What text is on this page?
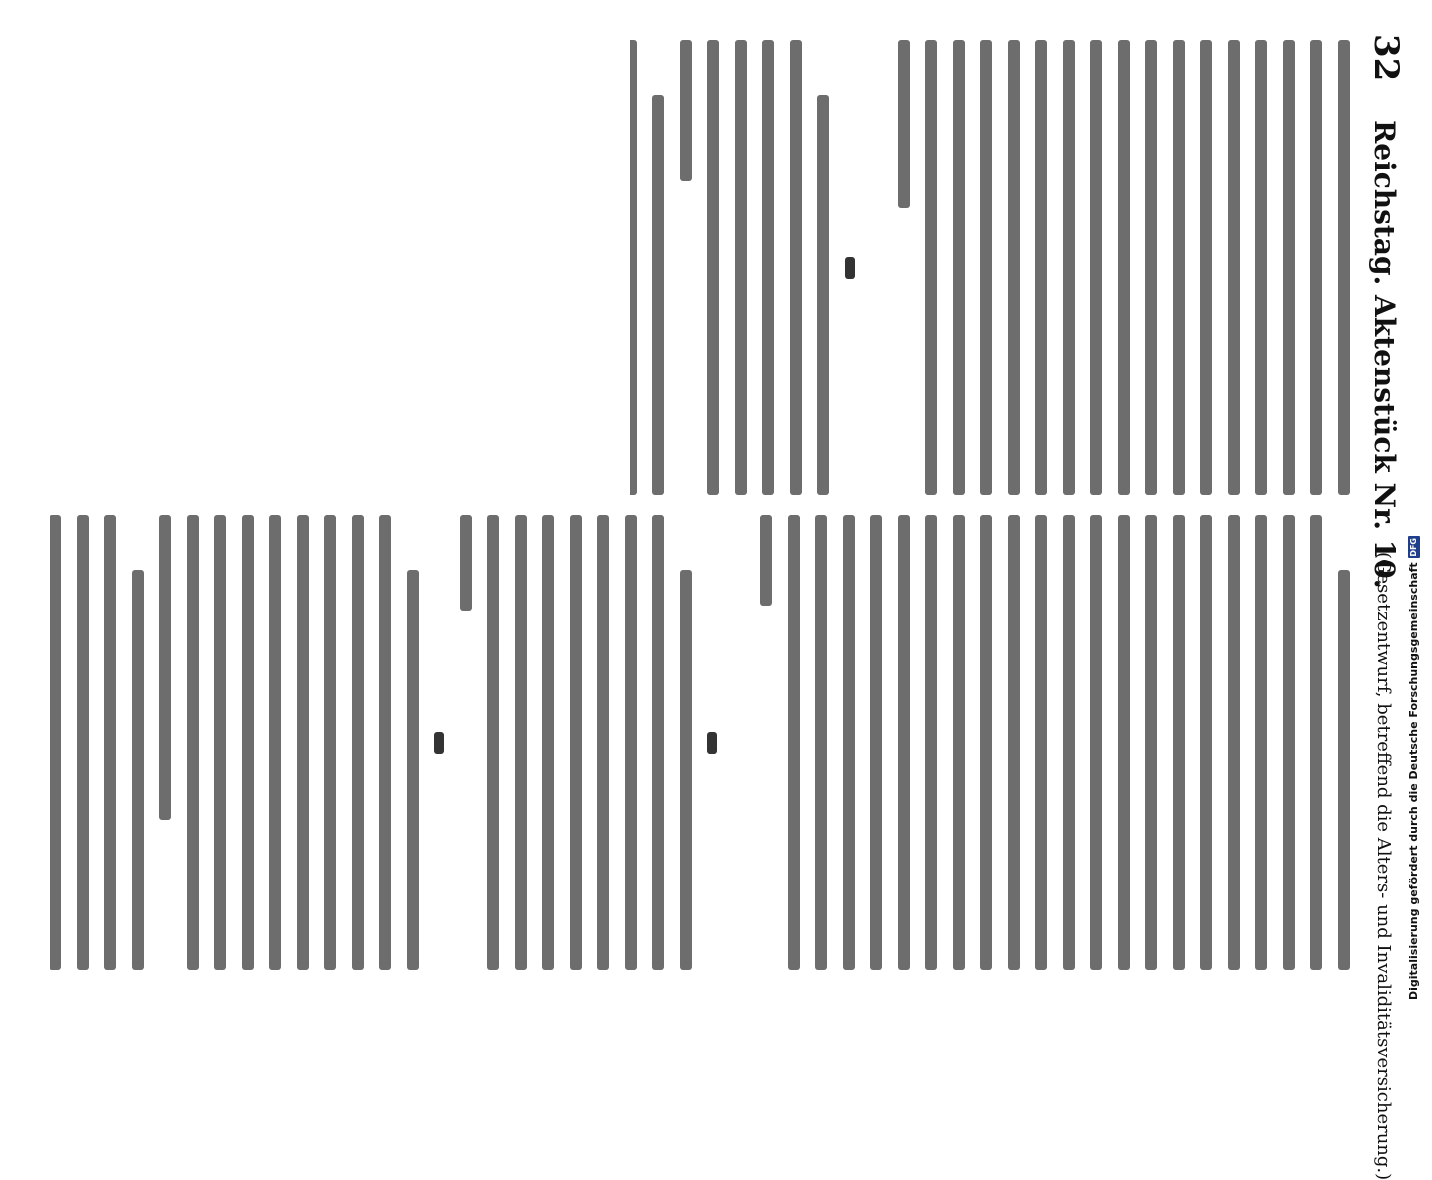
32
Reichstag. Aktenstück Nr. 10.
(Gesetzentwurf, betreffend die Alters- und Invaliditätsversicherung.)	Digitalisierung gefördert durch die Deutsche ForschungsgemeinschaftDFG
